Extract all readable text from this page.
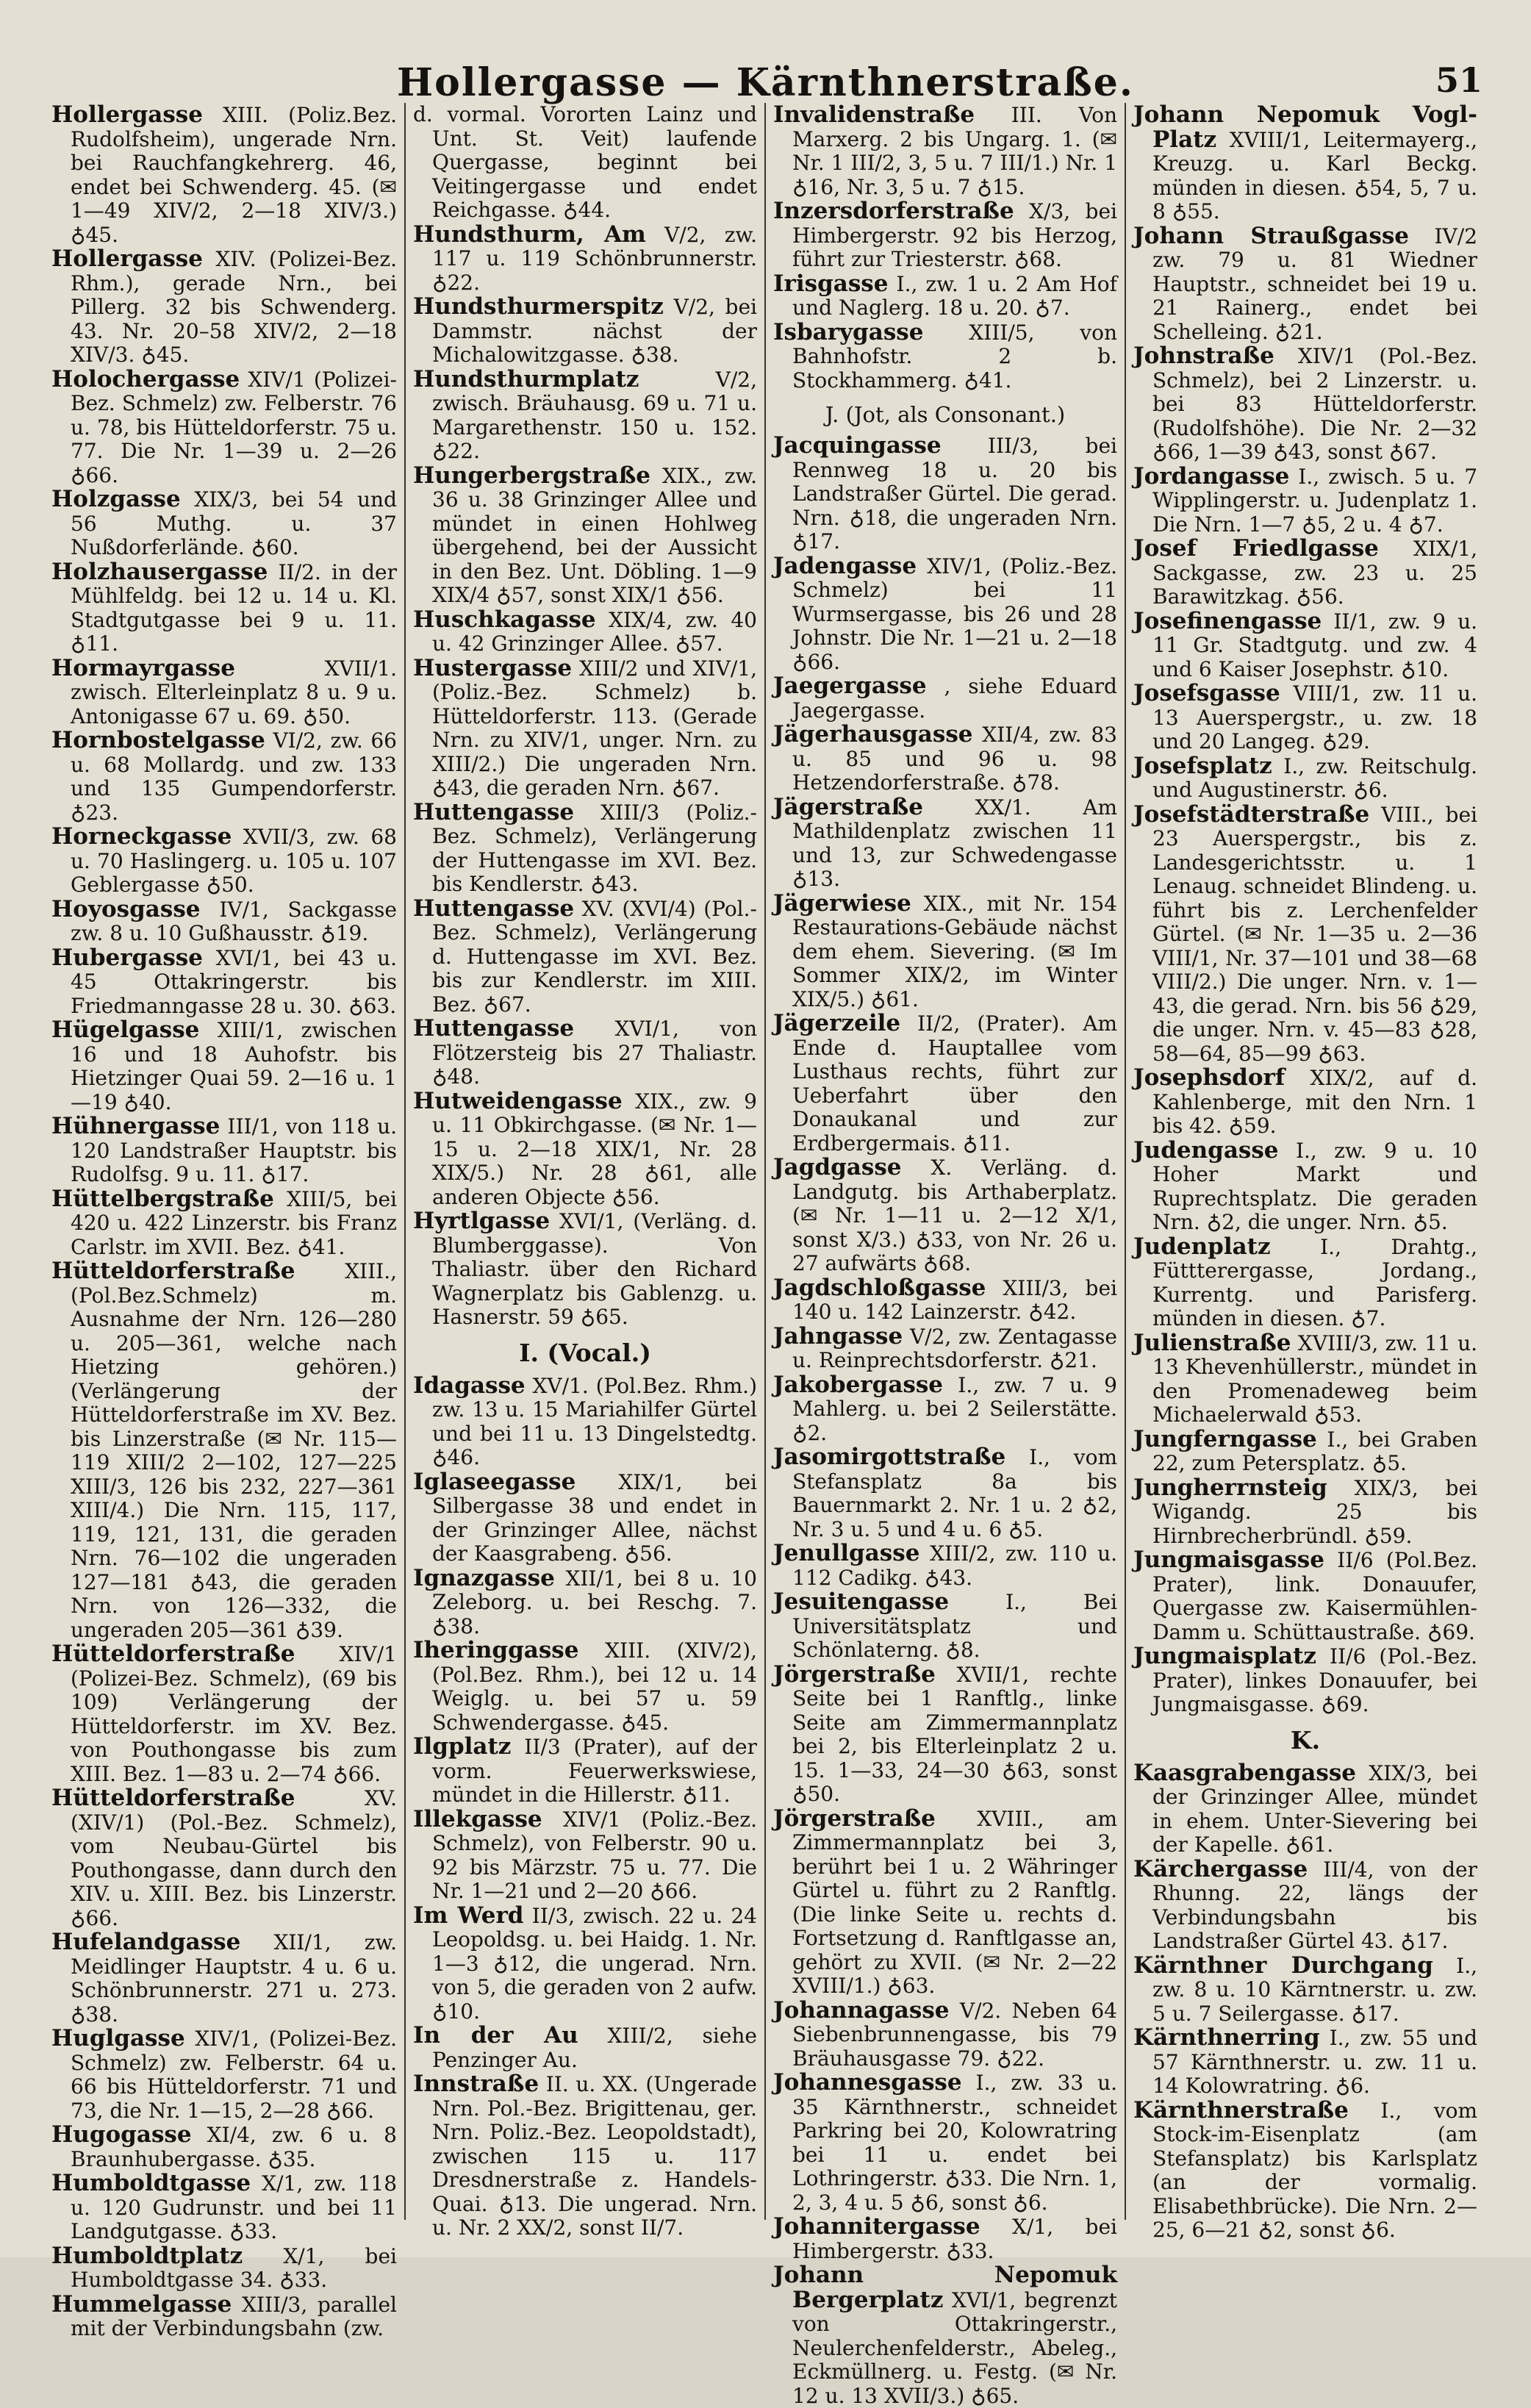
Hollergasse — Kärnthnerstraße.	51

Hollergasse XIII. (Poliz.Bez. Rudolfsheim), ungerade Nrn. bei Rauchfangkehrerg. 46, endet bei Schwenderg. 45. (✉ 1—49 XIV/2, 2—18 XIV/3.) ♁45.

Hollergasse XIV. (Polizei-Bez. Rhm.), gerade Nrn., bei Pillerg. 32 bis Schwenderg. 43. Nr. 20–58 XIV/2, 2—18 XIV/3. ♁45.

Holochergasse XIV/1 (Polizei-Bez. Schmelz) zw. Felberstr. 76 u. 78, bis Hütteldorferstr. 75 u. 77. Die Nr. 1—39 u. 2—26 ♁66.

Holzgasse XIX/3, bei 54 und 56 Muthg. u. 37 Nußdorferlände. ♁60.

Holzhausergasse II/2. in der Mühlfeldg. bei 12 u. 14 u. Kl. Stadtgutgasse bei 9 u. 11. ♁11.

Hormayrgasse	XVII/1. zwisch. Elterleinplatz 8 u. 9 u. Antonigasse 67 u. 69. ♁50.

Hornbostelgasse VI/2, zw. 66 u. 68 Mollardg. und zw. 133 und 135 Gumpendorferstr. ♁23.

Horneckgasse XVII/3, zw. 68 u. 70 Haslingerg. u. 105 u. 107 Geblergasse ♁50.

Hoyosgasse IV/1, Sackgasse zw. 8 u. 10 Gußhausstr. ♁19.

Hubergasse XVI/1, bei 43 u. 45 Ottakringerstr. bis Friedmanngasse 28 u. 30. ♁63.

Hügelgasse XIII/1, zwischen 16 und 18 Auhofstr. bis Hietzinger Quai 59. 2—16 u. 1—19 ♁40.

Hühnergasse III/1, von 118 u. 120 Landstraßer Hauptstr. bis Rudolfsg. 9 u. 11. ♁17.

Hüttelbergstraße XIII/5, bei 420 u. 422 Linzerstr. bis Franz Carlstr. im XVII. Bez. ♁41.

Hütteldorferstraße XIII., (Pol.Bez.Schmelz) m. Ausnahme der Nrn. 126—280 u. 205—361, welche nach Hietzing gehören.) (Verlängerung der Hütteldorferstraße im XV. Bez. bis Linzerstraße (✉ Nr. 115—119 XIII/2 2—102, 127—225 XIII/3, 126 bis 232, 227—361 XIII/4.) Die Nrn. 115, 117, 119, 121, 131, die geraden Nrn. 76—102 die ungeraden 127—181 ♁43, die geraden Nrn. von 126—332, die ungeraden 205—361 ♁39.

Hütteldorferstraße XIV/1 (Polizei-Bez. Schmelz), (69 bis 109) Verlängerung der Hütteldorferstr. im XV. Bez. von Pouthongasse bis zum XIII. Bez. 1—83 u. 2—74 ♁66.

Hütteldorferstraße	XV. (XIV/1) (Pol.-Bez. Schmelz), vom Neubau-Gürtel bis Pouthongasse, dann durch den XIV. u. XIII. Bez. bis Linzerstr. ♁66.

Hufelandgasse XII/1, zw. Meidlinger Hauptstr. 4 u. 6 u. Schönbrunnerstr. 271 u. 273. ♁38.

Huglgasse XIV/1, (Polizei-Bez. Schmelz) zw. Felberstr. 64 u. 66 bis Hütteldorferstr. 71 und 73, die Nr. 1—15, 2—28 ♁66.

Hugogasse XI/4, zw. 6 u. 8 Braunhubergasse. ♁35.

Humboldtgasse X/1, zw. 118 u. 120 Gudrunstr. und bei 11 Landgutgasse. ♁33.

Humboldtplatz X/1, bei Humboldtgasse 34. ♁33.

Hummelgasse XIII/3, parallel mit der Verbindungsbahn (zw.

d. vormal. Vororten Lainz und Unt. St. Veit) laufende Quergasse, beginnt bei Veitingergasse und endet Reichgasse. ♁44.

Hundsthurm, Am V/2, zw. 117 u. 119 Schönbrunnerstr. ♁22.

Hundsthurmerspitz V/2, bei Dammstr. nächst der Michalowitzgasse. ♁38.

Hundsthurmplatz	V/2, zwisch. Bräuhausg. 69 u. 71 u. Margarethenstr. 150 u. 152. ♁22.

Hungerbergstraße XIX., zw. 36 u. 38 Grinzinger Allee und mündet in einen Hohlweg übergehend, bei der Aussicht in den Bez. Unt. Döbling. 1—9 XIX/4 ♁57, sonst XIX/1 ♁56.

Huschkagasse XIX/4, zw. 40 u. 42 Grinzinger Allee. ♁57.

Hustergasse XIII/2 und XIV/1, (Poliz.-Bez. Schmelz) b. Hütteldorferstr. 113. (Gerade Nrn. zu XIV/1, unger. Nrn. zu XIII/2.) Die ungeraden Nrn. ♁43, die geraden Nrn. ♁67.

Huttengasse XIII/3 (Poliz.-Bez. Schmelz), Verlängerung der Huttengasse im XVI. Bez. bis Kendlerstr. ♁43.

Huttengasse XV. (XVI/4) (Pol.-Bez. Schmelz), Verlängerung d. Huttengasse im XVI. Bez. bis zur Kendlerstr. im XIII. Bez. ♁67.

Huttengasse XVI/1, von Flötzersteig bis 27 Thaliastr. ♁48.

Hutweidengasse XIX., zw. 9 u. 11 Obkirchgasse. (✉ Nr. 1—15 u. 2—18 XIX/1, Nr. 28 XIX/5.) Nr. 28 ♁61, alle anderen Objecte ♁56.

Hyrtlgasse XVI/1, (Verläng. d. Blumberggasse). Von Thaliastr. über den Richard Wagnerplatz bis Gablenzg. u. Hasnerstr. 59 ♁65.

I. (Vocal.)

Idagasse XV/1. (Pol.Bez. Rhm.) zw. 13 u. 15 Mariahilfer Gürtel und bei 11 u. 13 Dingelstedtg. ♁46.

Iglaseegasse XIX/1, bei Silbergasse 38 und endet in der Grinzinger Allee, nächst der Kaasgrabeng. ♁56.

Ignazgasse XII/1, bei 8 u. 10 Zeleborg. u. bei Reschg. 7. ♁38.

Iheringgasse XIII. (XIV/2), (Pol.Bez. Rhm.), bei 12 u. 14 Weiglg. u. bei 57 u. 59 Schwendergasse. ♁45.

Ilgplatz II/3 (Prater), auf der vorm. Feuerwerkswiese, mündet in die Hillerstr. ♁11.

Illekgasse XIV/1 (Poliz.-Bez. Schmelz), von Felberstr. 90 u. 92 bis Märzstr. 75 u. 77. Die Nr. 1—21 und 2—20 ♁66.

Im Werd II/3, zwisch. 22 u. 24 Leopoldsg. u. bei Haidg. 1. Nr. 1—3 ♁12, die ungerad. Nrn. von 5, die geraden von 2 aufw. ♁10.

In der Au XIII/2, siehe Penzinger Au.

Innstraße II. u. XX. (Ungerade Nrn. Pol.-Bez. Brigittenau, ger. Nrn. Poliz.-Bez. Leopoldstadt), zwischen 115 u. 117 Dresdnerstraße z. Handels-Quai. ♁13. Die ungerad. Nrn. u. Nr. 2 XX/2, sonst II/7.

Invalidenstraße III. Von Marxerg. 2 bis Ungarg. 1. (✉ Nr. 1 III/2, 3, 5 u. 7 III/1.) Nr. 1 ♁16, Nr. 3, 5 u. 7 ♁15.

Inzersdorferstraße X/3, bei Himbergerstr. 92 bis Herzog, führt zur Triesterstr. ♁68.

Irisgasse I., zw. 1 u. 2 Am Hof und Naglerg. 18 u. 20. ♁7.

Isbarygasse XIII/5, von Bahnhofstr. 2 b. Stockhammerg. ♁41.

J. (Jot, als Consonant.)

Jacquingasse III/3, bei Rennweg 18 u. 20 bis Landstraßer Gürtel. Die gerad. Nrn. ♁18, die ungeraden Nrn. ♁17.

Jadengasse XIV/1, (Poliz.-Bez. Schmelz) bei 11 Wurmsergasse, bis 26 und 28 Johnstr. Die Nr. 1—21 u. 2—18 ♁66.

Jaegergasse , siehe Eduard Jaegergasse.

Jägerhausgasse XII/4, zw. 83 u. 85 und 96 u. 98 Hetzendorferstraße. ♁78.

Jägerstraße	XX/1. Am Mathildenplatz zwischen 11 und 13, zur Schwedengasse ♁13.

Jägerwiese XIX., mit Nr. 154 Restaurations-Gebäude nächst dem ehem. Sievering. (✉ Im Sommer XIX/2, im Winter XIX/5.) ♁61.

Jägerzeile II/2, (Prater). Am Ende d. Hauptallee vom Lusthaus rechts, führt zur Ueberfahrt über den Donaukanal und zur Erdbergermais. ♁11.

Jagdgasse X. Verläng. d. Landgutg. bis Arthaberplatz. (✉ Nr. 1—11 u. 2—12 X/1, sonst X/3.) ♁33, von Nr. 26 u. 27 aufwärts ♁68.

Jagdschloßgasse XIII/3, bei 140 u. 142 Lainzerstr. ♁42.

Jahngasse V/2, zw. Zentagasse u. Reinprechtsdorferstr. ♁21.

Jakobergasse I., zw. 7 u. 9 Mahlerg. u. bei 2 Seilerstätte. ♁2.

Jasomirgottstraße I., vom Stefansplatz 8a bis Bauernmarkt 2. Nr. 1 u. 2 ♁2, Nr. 3 u. 5 und 4 u. 6 ♁5.

Jenullgasse XIII/2, zw. 110 u. 112 Cadikg. ♁43.

Jesuitengasse	I., Bei Universitätsplatz und Schönlaterng. ♁8.

Jörgerstraße XVII/1, rechte Seite bei 1 Ranftlg., linke Seite am Zimmermannplatz bei 2, bis Elterleinplatz 2 u. 15. 1—33, 24—30 ♁63, sonst ♁50.

Jörgerstraße XVIII., am Zimmermannplatz bei 3, berührt bei 1 u. 2 Währinger Gürtel u. führt zu 2 Ranftlg. (Die linke Seite u. rechts d. Fortsetzung d. Ranftlgasse an, gehört zu XVII. (✉ Nr. 2—22 XVIII/1.) ♁63.

Johannagasse V/2. Neben 64 Siebenbrunnengasse, bis 79 Bräuhausgasse 79. ♁22.

Johannesgasse I., zw. 33 u. 35 Kärnthnerstr., schneidet Parkring bei 20, Kolowratring bei 11 u. endet bei Lothringerstr. ♁33. Die Nrn. 1, 2, 3, 4 u. 5 ♁6, sonst ♁6.

Johannitergasse X/1, bei Himbergerstr. ♁33.

Johann Nepomuk Bergerplatz XVI/1, begrenzt von Ottakringerstr., Neulerchenfelderstr., Abeleg., Eckmüllnerg. u. Festg. (✉ Nr. 12 u. 13 XVII/3.) ♁65.

Johann Nepomuk Vogl-Platz XVIII/1, Leitermayerg., Kreuzg. u. Karl Beckg. münden in diesen. ♁54, 5, 7 u. 8 ♁55.

Johann Straußgasse IV/2 zw. 79 u. 81 Wiedner Hauptstr., schneidet bei 19 u. 21 Rainerg., endet bei Schelleing. ♁21.

Johnstraße XIV/1 (Pol.-Bez. Schmelz), bei 2 Linzerstr. u. bei 83 Hütteldorferstr. (Rudolfshöhe). Die Nr. 2—32 ♁66, 1—39 ♁43, sonst ♁67.

Jordangasse I., zwisch. 5 u. 7 Wipplingerstr. u. Judenplatz 1. Die Nrn. 1—7 ♁5, 2 u. 4 ♁7.

Josef Friedlgasse XIX/1, Sackgasse, zw. 23 u. 25 Barawitzkag. ♁56.

Josefinengasse II/1, zw. 9 u. 11 Gr. Stadtgutg. und zw. 4 und 6 Kaiser Josephstr. ♁10.

Josefsgasse VIII/1, zw. 11 u. 13 Auerspergstr., u. zw. 18 und 20 Langeg. ♁29.

Josefsplatz I., zw. Reitschulg. und Augustinerstr. ♁6.

Josefstädterstraße VIII., bei 23 Auerspergstr., bis z. Landesgerichtsstr. u. 1 Lenaug. schneidet Blindeng. u. führt bis z. Lerchenfelder Gürtel. (✉ Nr. 1—35 u. 2—36 VIII/1, Nr. 37—101 und 38—68 VIII/2.) Die unger. Nrn. v. 1—43, die gerad. Nrn. bis 56 ♁29, die unger. Nrn. v. 45—83 ♁28, 58—64, 85—99 ♁63.

Josephsdorf XIX/2, auf d. Kahlenberge, mit den Nrn. 1 bis 42. ♁59.

Judengasse I., zw. 9 u. 10 Hoher Markt und Ruprechtsplatz. Die geraden Nrn. ♁2, die unger. Nrn. ♁5.

Judenplatz I., Drahtg., Füttterergasse, Jordang., Kurrentg. und Parisferg. münden in diesen. ♁7.

Julienstraße XVIII/3, zw. 11 u. 13 Khevenhüllerstr., mündet in den Promenadeweg beim Michaelerwald ♁53.

Jungferngasse I., bei Graben 22, zum Petersplatz. ♁5.

Jungherrnsteig XIX/3, bei Wigandg. 25 bis Hirnbrecherbründl. ♁59.

Jungmaisgasse II/6 (Pol.Bez. Prater), link. Donauufer, Quergasse zw. Kaisermühlen-Damm u. Schüttaustraße. ♁69.

Jungmaisplatz II/6 (Pol.-Bez. Prater), linkes Donauufer, bei Jungmaisgasse. ♁69.

K.

Kaasgrabengasse XIX/3, bei der Grinzinger Allee, mündet in ehem. Unter-Sievering bei der Kapelle. ♁61.

Kärchergasse III/4, von der Rhunng. 22, längs der Verbindungsbahn bis Landstraßer Gürtel 43. ♁17.

Kärnthner Durchgang I., zw. 8 u. 10 Kärntnerstr. u. zw. 5 u. 7 Seilergasse. ♁17.

Kärnthnerring I., zw. 55 und 57 Kärnthnerstr. u. zw. 11 u. 14 Kolowratring. ♁6.

Kärnthnerstraße I., vom Stock-im-Eisenplatz (am Stefansplatz) bis Karlsplatz (an der vormalig. Elisabethbrücke). Die Nrn. 2—25, 6—21 ♁2, sonst ♁6.
